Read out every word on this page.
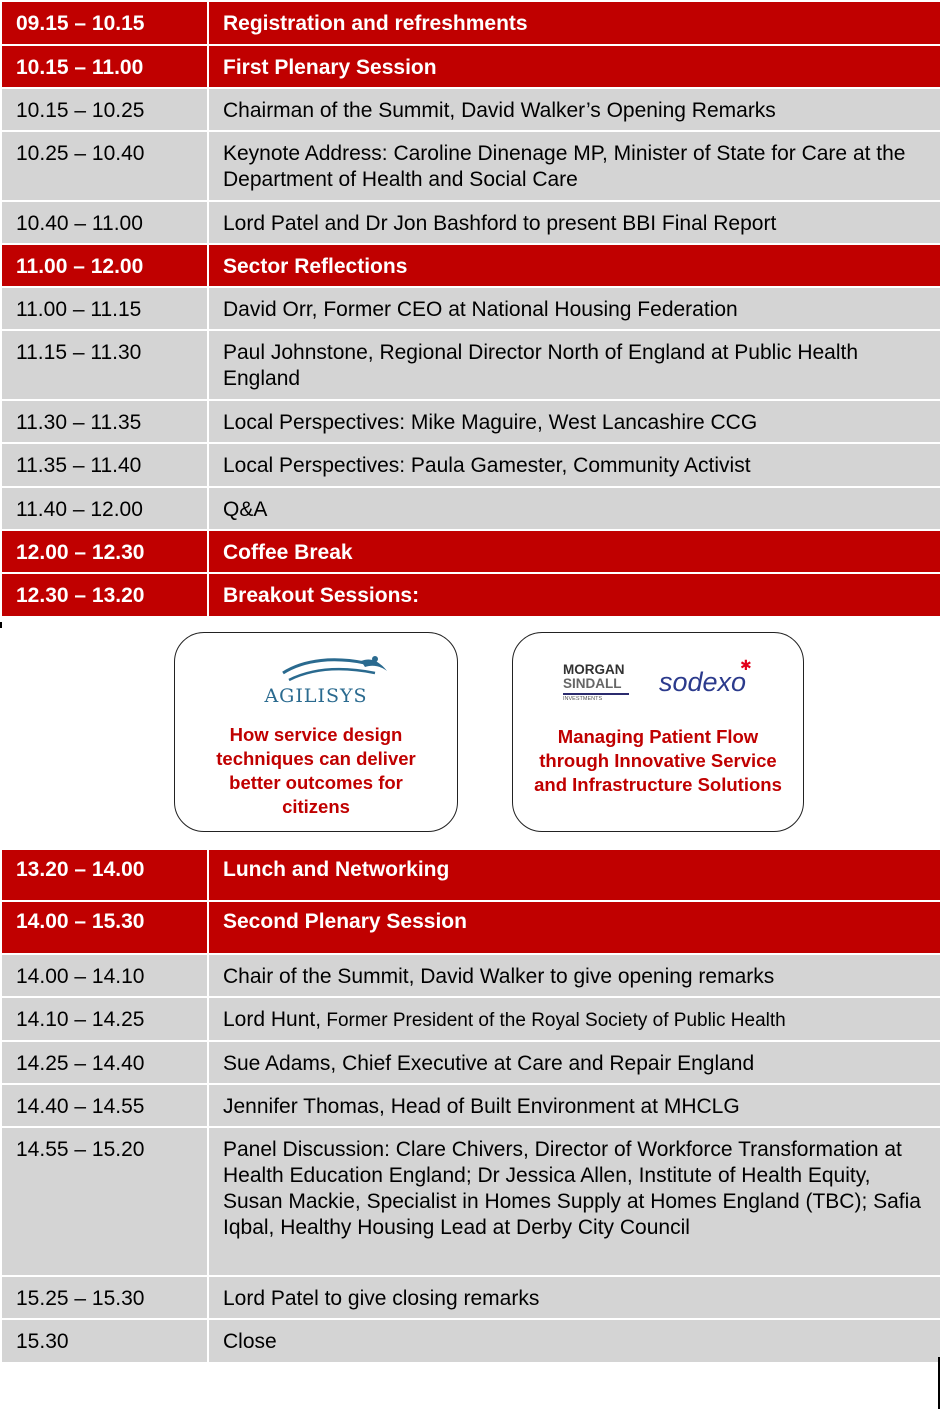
09.15 – 10.15	Registration and refreshments
10.15 – 11.00	First Plenary Session
10.15 – 10.25	Chairman of the Summit, David Walker’s Opening Remarks
10.25 – 10.40	Keynote Address: Caroline Dinenage MP, Minister of State for Care at the Department of Health and Social Care
10.40 – 11.00	Lord Patel and Dr Jon Bashford to present BBI Final Report
11.00 – 12.00	Sector Reflections
11.00 – 11.15	David Orr, Former CEO at National Housing Federation
11.15 – 11.30	Paul Johnstone, Regional Director North of England at Public Health England
11.30 – 11.35	Local Perspectives: Mike Maguire, West Lancashire CCG
11.35 – 11.40	Local Perspectives: Paula Gamester, Community Activist
11.40 – 12.00	Q&A
12.00 – 12.30	Coffee Break
12.30 – 13.20	Breakout Sessions:
AGILISYS
How service design techniques can deliver better outcomes for citizens
MORGAN
SINDALL
INVESTMENTS
sodexo
✱
Managing Patient Flow through Innovative Service and Infrastructure Solutions
13.20 – 14.00	Lunch and Networking
14.00 – 15.30	Second Plenary Session
14.00 – 14.10	Chair of the Summit, David Walker to give opening remarks
14.10 – 14.25	Lord Hunt, Former President of the Royal Society of Public Health
14.25 – 14.40	Sue Adams, Chief Executive at Care and Repair England
14.40 – 14.55	Jennifer Thomas, Head of Built Environment at MHCLG
14.55 – 15.20	Panel Discussion: Clare Chivers, Director of Workforce Transformation at Health Education England; Dr Jessica Allen, Institute of Health Equity, Susan Mackie, Specialist in Homes Supply at Homes England (TBC); Safia Iqbal, Healthy Housing Lead at Derby City Council
15.25 – 15.30	Lord Patel to give closing remarks
15.30	Close
